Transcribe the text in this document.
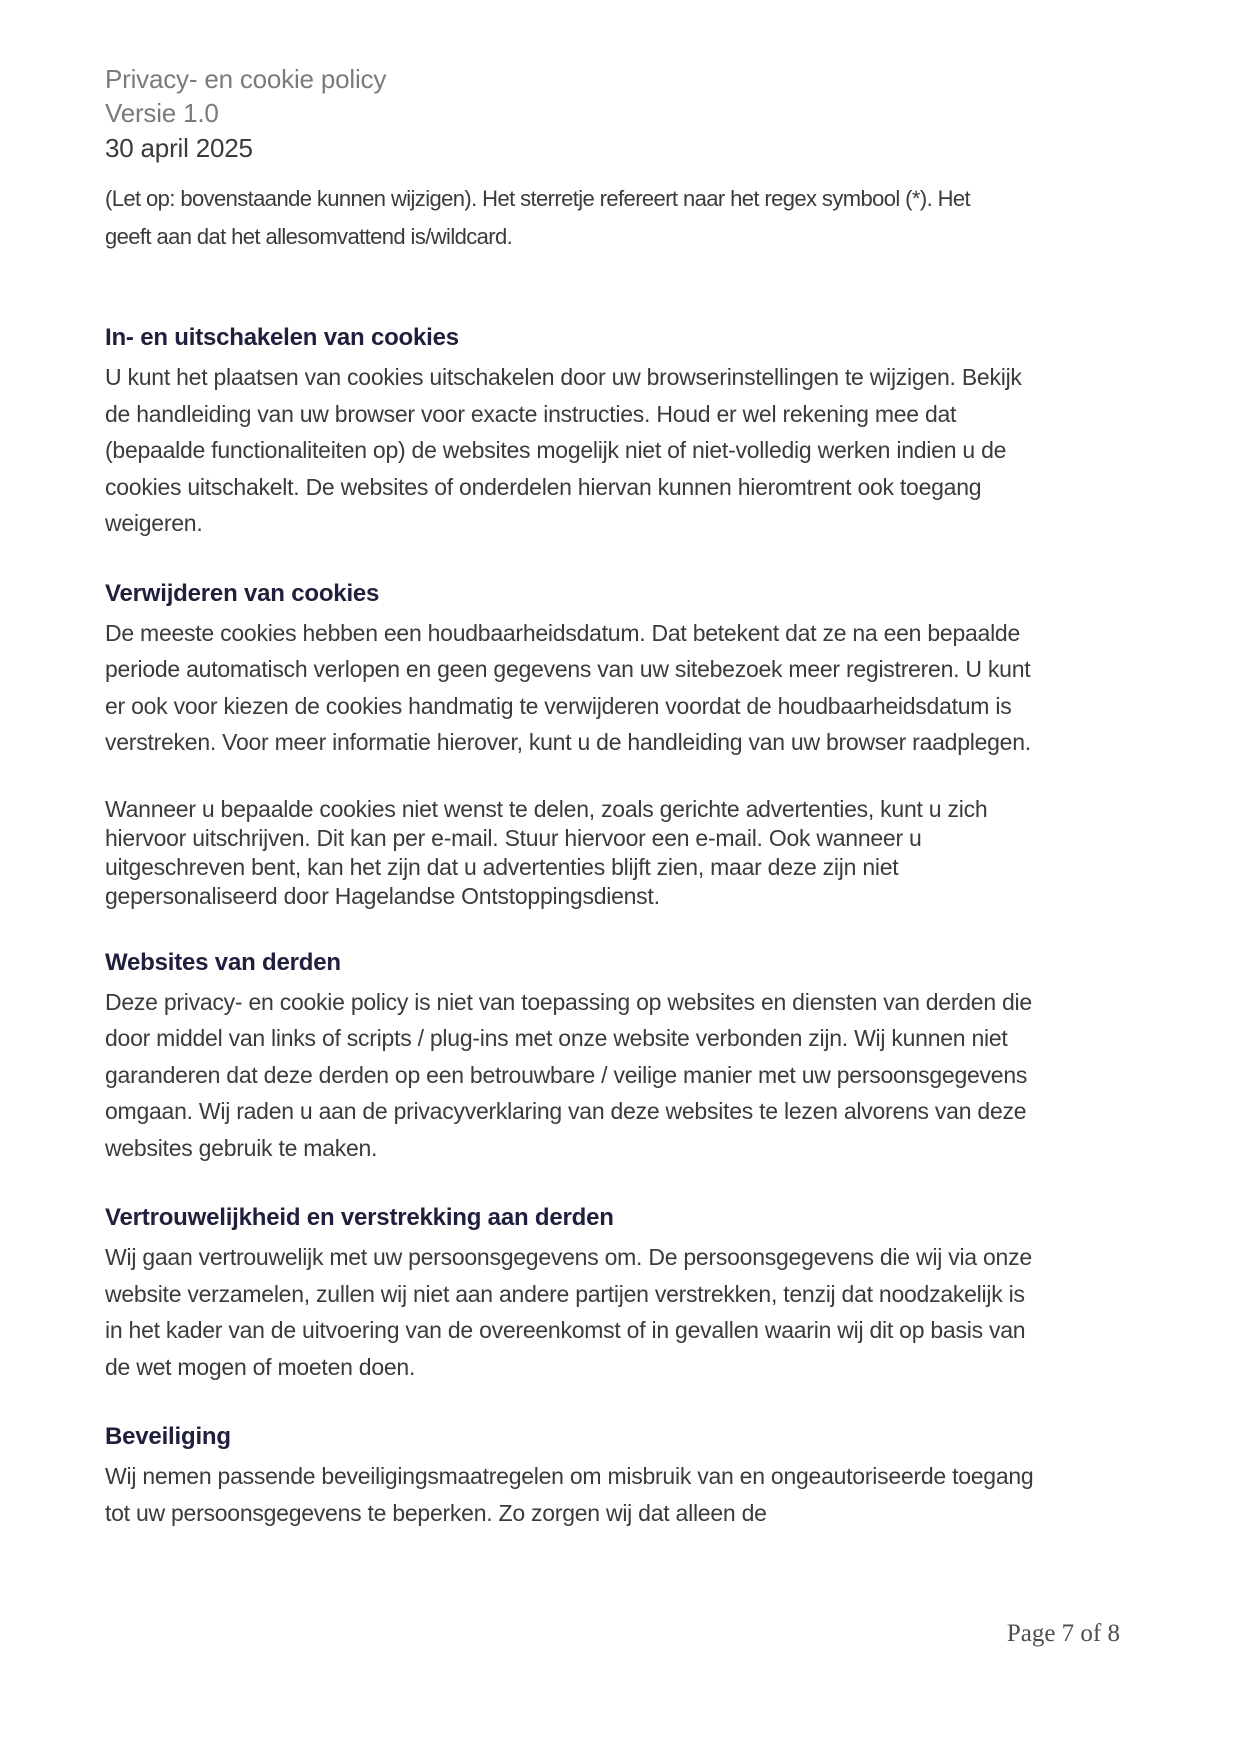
Privacy- en cookie policy
Versie 1.0
30 april 2025

(Let op: bovenstaande kunnen wijzigen). Het sterretje refereert naar het regex symbool (*). Het geeft aan dat het allesomvattend is/wildcard.

In- en uitschakelen van cookies

U kunt het plaatsen van cookies uitschakelen door uw browserinstellingen te wijzigen. Bekijk de handleiding van uw browser voor exacte instructies. Houd er wel rekening mee dat (bepaalde functionaliteiten op) de websites mogelijk niet of niet-volledig werken indien u de cookies uitschakelt. De websites of onderdelen hiervan kunnen hieromtrent ook toegang weigeren.

Verwijderen van cookies

De meeste cookies hebben een houdbaarheidsdatum. Dat betekent dat ze na een bepaalde periode automatisch verlopen en geen gegevens van uw sitebezoek meer registreren. U kunt er ook voor kiezen de cookies handmatig te verwijderen voordat de houdbaarheidsdatum is verstreken. Voor meer informatie hierover, kunt u de handleiding van uw browser raadplegen.

Wanneer u bepaalde cookies niet wenst te delen, zoals gerichte advertenties, kunt u zich hiervoor uitschrijven. Dit kan per e-mail. Stuur hiervoor een e-mail. Ook wanneer u uitgeschreven bent, kan het zijn dat u advertenties blijft zien, maar deze zijn niet gepersonaliseerd door Hagelandse Ontstoppingsdienst.

Websites van derden

Deze privacy- en cookie policy is niet van toepassing op websites en diensten van derden die door middel van links of scripts / plug-ins met onze website verbonden zijn. Wij kunnen niet garanderen dat deze derden op een betrouwbare / veilige manier met uw persoonsgegevens omgaan. Wij raden u aan de privacyverklaring van deze websites te lezen alvorens van deze websites gebruik te maken.

Vertrouwelijkheid en verstrekking aan derden

Wij gaan vertrouwelijk met uw persoonsgegevens om. De persoonsgegevens die wij via onze website verzamelen, zullen wij niet aan andere partijen verstrekken, tenzij dat noodzakelijk is in het kader van de uitvoering van de overeenkomst of in gevallen waarin wij dit op basis van de wet mogen of moeten doen.

Beveiliging

Wij nemen passende beveiligingsmaatregelen om misbruik van en ongeautoriseerde toegang tot uw persoonsgegevens te beperken. Zo zorgen wij dat alleen de

Page 7 of 8
